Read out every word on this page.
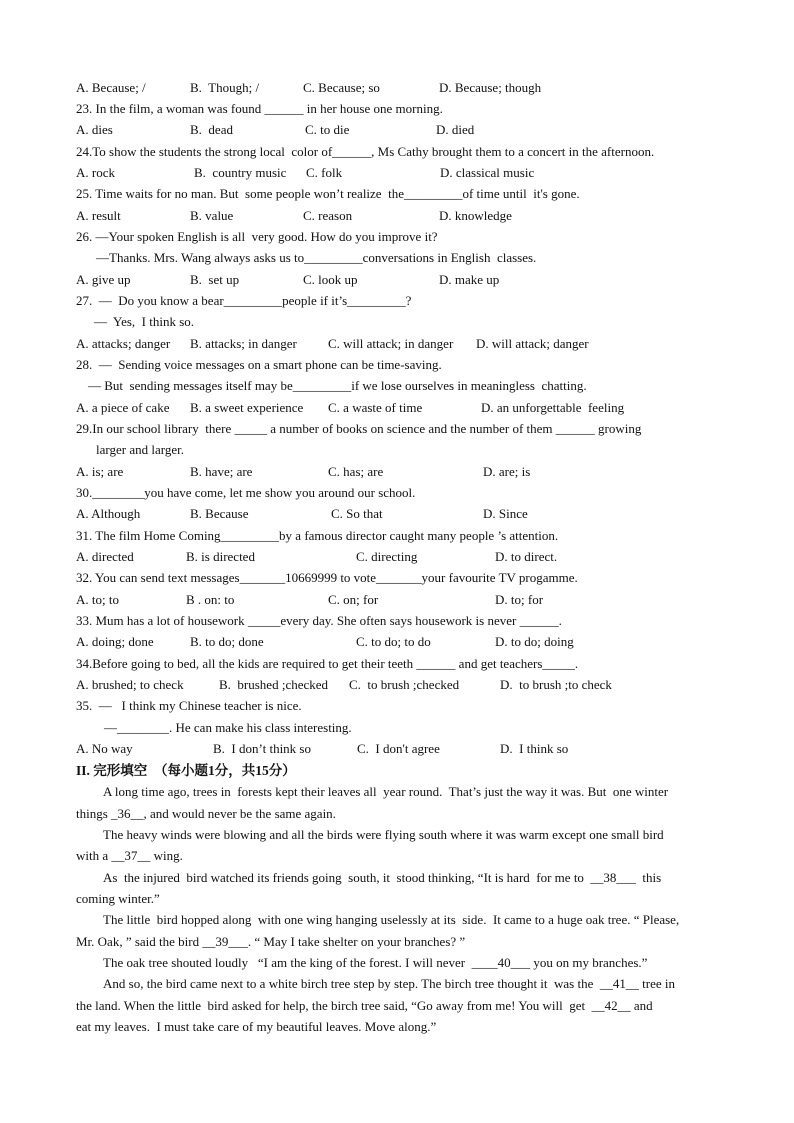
A. Because; /

	B.  Though; /

	C. Because; so

	D. Because; though

23. In the film, a woman was found ______ in her house one morning.

A. dies

	B.  dead

	C. to die

	D. died

24.To show the students the strong local  color of______, Ms Cathy brought them to a concert in the afternoon.

A. rock

	B.  country music

C. folk

	D. classical music

25. Time waits for no man. But  some people won’t realize  the_________of time until  it's gone.

A. result

	B. value

	C. reason

	D. knowledge

26. —Your spoken English is all  very good. How do you improve it?
—Thanks. Mrs. Wang always asks us to_________conversations in English  classes.

A. give up

	B.  set up

	C. look up

	D. make up

27.  —  Do you know a bear_________people if it’s_________?
—  Yes,  I think so.

A. attacks; danger

B. attacks; in danger

C. will attack; in danger

D. will attack; danger

28.  —  Sending voice messages on a smart phone can be time-saving.
— But  sending messages itself may be_________if we lose ourselves in meaningless  chatting.

A. a piece of cake

B. a sweet experience

C. a waste of time

	D. an unforgettable  feeling

29.In our school library  there _____ a number of books on science and the number of them ______ growing
larger and larger.

A. is; are

	B. have; are

	C. has; are

	D. are; is

30.________you have come, let me show you around our school.

A. Although

	B. Because

	C. So that

	D. Since

31. The film Home Coming_________by a famous director caught many people ’s attention.

A. directed

	B. is directed

	C. directing

	D. to direct.

32. You can send text messages_______10669999 to vote_______your favourite TV progamme.

A. to; to

	B . on: to

	C. on; for

	D. to; for

33. Mum has a lot of housework _____every day. She often says housework is never ______.

A. doing; done

	B. to do; done

	C. to do; to do

	D. to do; doing

34.Before going to bed, all the kids are required to get their teeth ______ and get teachers_____.

A. brushed; to check

	B.  brushed ;checked

C.  to brush ;checked

	D.  to brush ;to check

35.  —   I think my Chinese teacher is nice.
—________. He can make his class interesting.

A. No way

	B.  I don’t think so

	C.  I don't agree

	D.  I think so

II. 完形填空  （每小题1分，共15分）

A long time ago, trees in  forests kept their leaves all  year round.  That’s just the way it was. But  one winter
things _36__, and would never be the same again.
The heavy winds were blowing and all the birds were flying south where it was warm except one small bird
with a __37__ wing.
As  the injured  bird watched its friends going  south, it  stood thinking, “It is hard  for me to  __38___  this
coming winter.”
The little  bird hopped along  with one wing hanging uselessly at its  side.  It came to a huge oak tree. “ Please,
Mr. Oak, ” said the bird __39___. “ May I take shelter on your branches? ”
The oak tree shouted loudly   “I am the king of the forest. I will never  ____40___ you on my branches.”
And so, the bird came next to a white birch tree step by step. The birch tree thought it  was the  __41__ tree in
the land. When the little  bird asked for help, the birch tree said, “Go away from me! You will  get  __42__ and
eat my leaves.  I must take care of my beautiful leaves. Move along.”
